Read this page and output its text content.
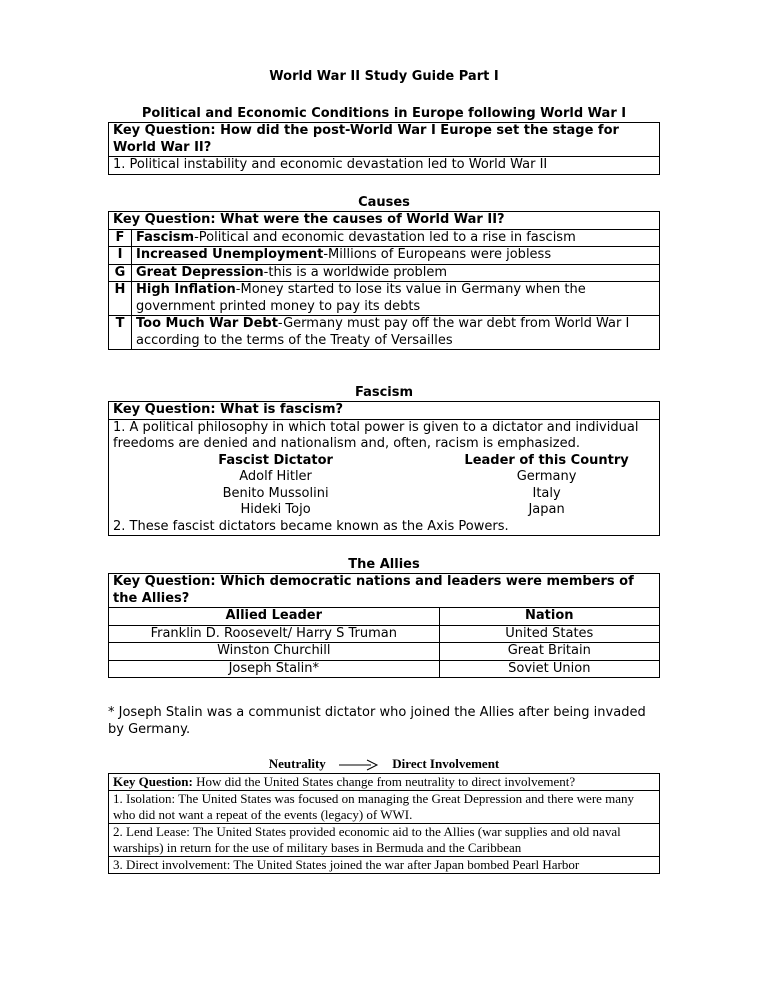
World War II Study Guide Part I
Political and Economic Conditions in Europe following World War I
Key Question: How did the post-World War I Europe set the stage for World War II?
1. Political instability and economic devastation led to World War II
Causes
Key Question: What were the causes of World War II?	
F	Fascism-Political and economic devastation led to a rise in fascism
I	Increased Unemployment-Millions of Europeans were jobless
G	Great Depression-this is a worldwide problem
H	High Inflation-Money started to lose its value in Germany when the government printed money to pay its debts
T	Too Much War Debt-Germany must pay off the war debt from World War I according to the terms of the Treaty of Versailles
Fascism
Key Question: What is fascism?

1. A political philosophy in which total power is given to a dictator and individual freedoms are denied and nationalism and, often, racism is emphasized.
Fascist Dictator	Leader of this Country
Adolf Hitler	Germany
Benito Mussolini	Italy
Hideki Tojo	Japan
2. These fascist dictators became known as the Axis Powers.
The Allies
Key Question: Which democratic nations and leaders were members of the Allies?	
Allied Leader	Nation
Franklin D. Roosevelt/ Harry S Truman	United States
Winston Churchill	Great Britain
Joseph Stalin*	Soviet Union
* Joseph Stalin was a communist dictator who joined the Allies after being invaded by Germany.
Neutrality	Direct Involvement
Key Question: How did the United States change from neutrality to direct involvement?
1. Isolation: The United States was focused on managing the Great Depression and there were many who did not want a repeat of the events (legacy) of WWI.
2. Lend Lease: The United States provided economic aid to the Allies (war supplies and old naval warships) in return for the use of military bases in Bermuda and the Caribbean
3. Direct involvement: The United States joined the war after Japan bombed Pearl Harbor
